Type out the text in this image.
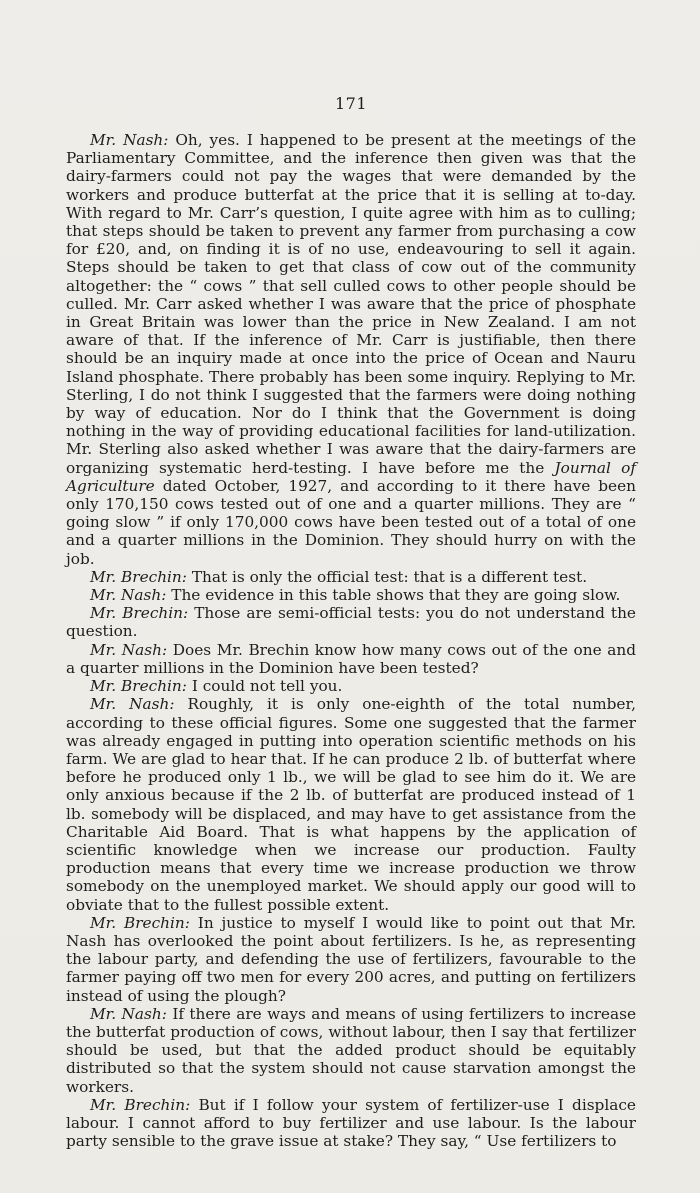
171

Mr. Nash: Oh, yes. I happened to be present at the meetings of the Parliamentary Committee, and the inference then given was that the dairy-farmers could not pay the wages that were demanded by the workers and produce butterfat at the price that it is selling at to-day. With regard to Mr. Carr’s question, I quite agree with him as to culling; that steps should be taken to prevent any farmer from purchasing a cow for £20, and, on finding it is of no use, endeavouring to sell it again. Steps should be taken to get that class of cow out of the community altogether: the “ cows ” that sell culled cows to other people should be culled. Mr. Carr asked whether I was aware that the price of phosphate in Great Britain was lower than the price in New Zealand. I am not aware of that. If the inference of Mr. Carr is justifiable, then there should be an inquiry made at once into the price of Ocean and Nauru Island phosphate. There probably has been some inquiry. Replying to Mr. Sterling, I do not think I suggested that the farmers were doing nothing by way of education. Nor do I think that the Government is doing nothing in the way of providing educational facilities for land-utilization. Mr. Sterling also asked whether I was aware that the dairy-farmers are organizing systematic herd-testing. I have before me the Journal of Agriculture dated October, 1927, and according to it there have been only 170,150 cows tested out of one and a quarter millions. They are “ going slow ” if only 170,000 cows have been tested out of a total of one and a quarter millions in the Dominion. They should hurry on with the job.

Mr. Brechin: That is only the official test: that is a different test.

Mr. Nash: The evidence in this table shows that they are going slow.

Mr. Brechin: Those are semi-official tests: you do not understand the question.

Mr. Nash: Does Mr. Brechin know how many cows out of the one and a quarter millions in the Dominion have been tested?

Mr. Brechin: I could not tell you.

Mr. Nash: Roughly, it is only one-eighth of the total number, according to these official figures. Some one suggested that the farmer was already engaged in putting into operation scientific methods on his farm. We are glad to hear that. If he can produce 2 lb. of butterfat where before he produced only 1 lb., we will be glad to see him do it. We are only anxious because if the 2 lb. of butterfat are produced instead of 1 lb. somebody will be displaced, and may have to get assistance from the Charitable Aid Board. That is what happens by the application of scientific knowledge when we increase our production. Faulty production means that every time we increase production we throw somebody on the unemployed market. We should apply our good will to obviate that to the fullest possible extent.

Mr. Brechin: In justice to myself I would like to point out that Mr. Nash has overlooked the point about fertilizers. Is he, as representing the labour party, and defending the use of fertilizers, favourable to the farmer paying off two men for every 200 acres, and putting on fertilizers instead of using the plough?

Mr. Nash: If there are ways and means of using fertilizers to increase the butterfat production of cows, without labour, then I say that fertilizer should be used, but that the added product should be equitably distributed so that the system should not cause starvation amongst the workers.

Mr. Brechin: But if I follow your system of fertilizer-use I displace labour. I cannot afford to buy fertilizer and use labour. Is the labour party sensible to the grave issue at stake? They say, “ Use fertilizers to
